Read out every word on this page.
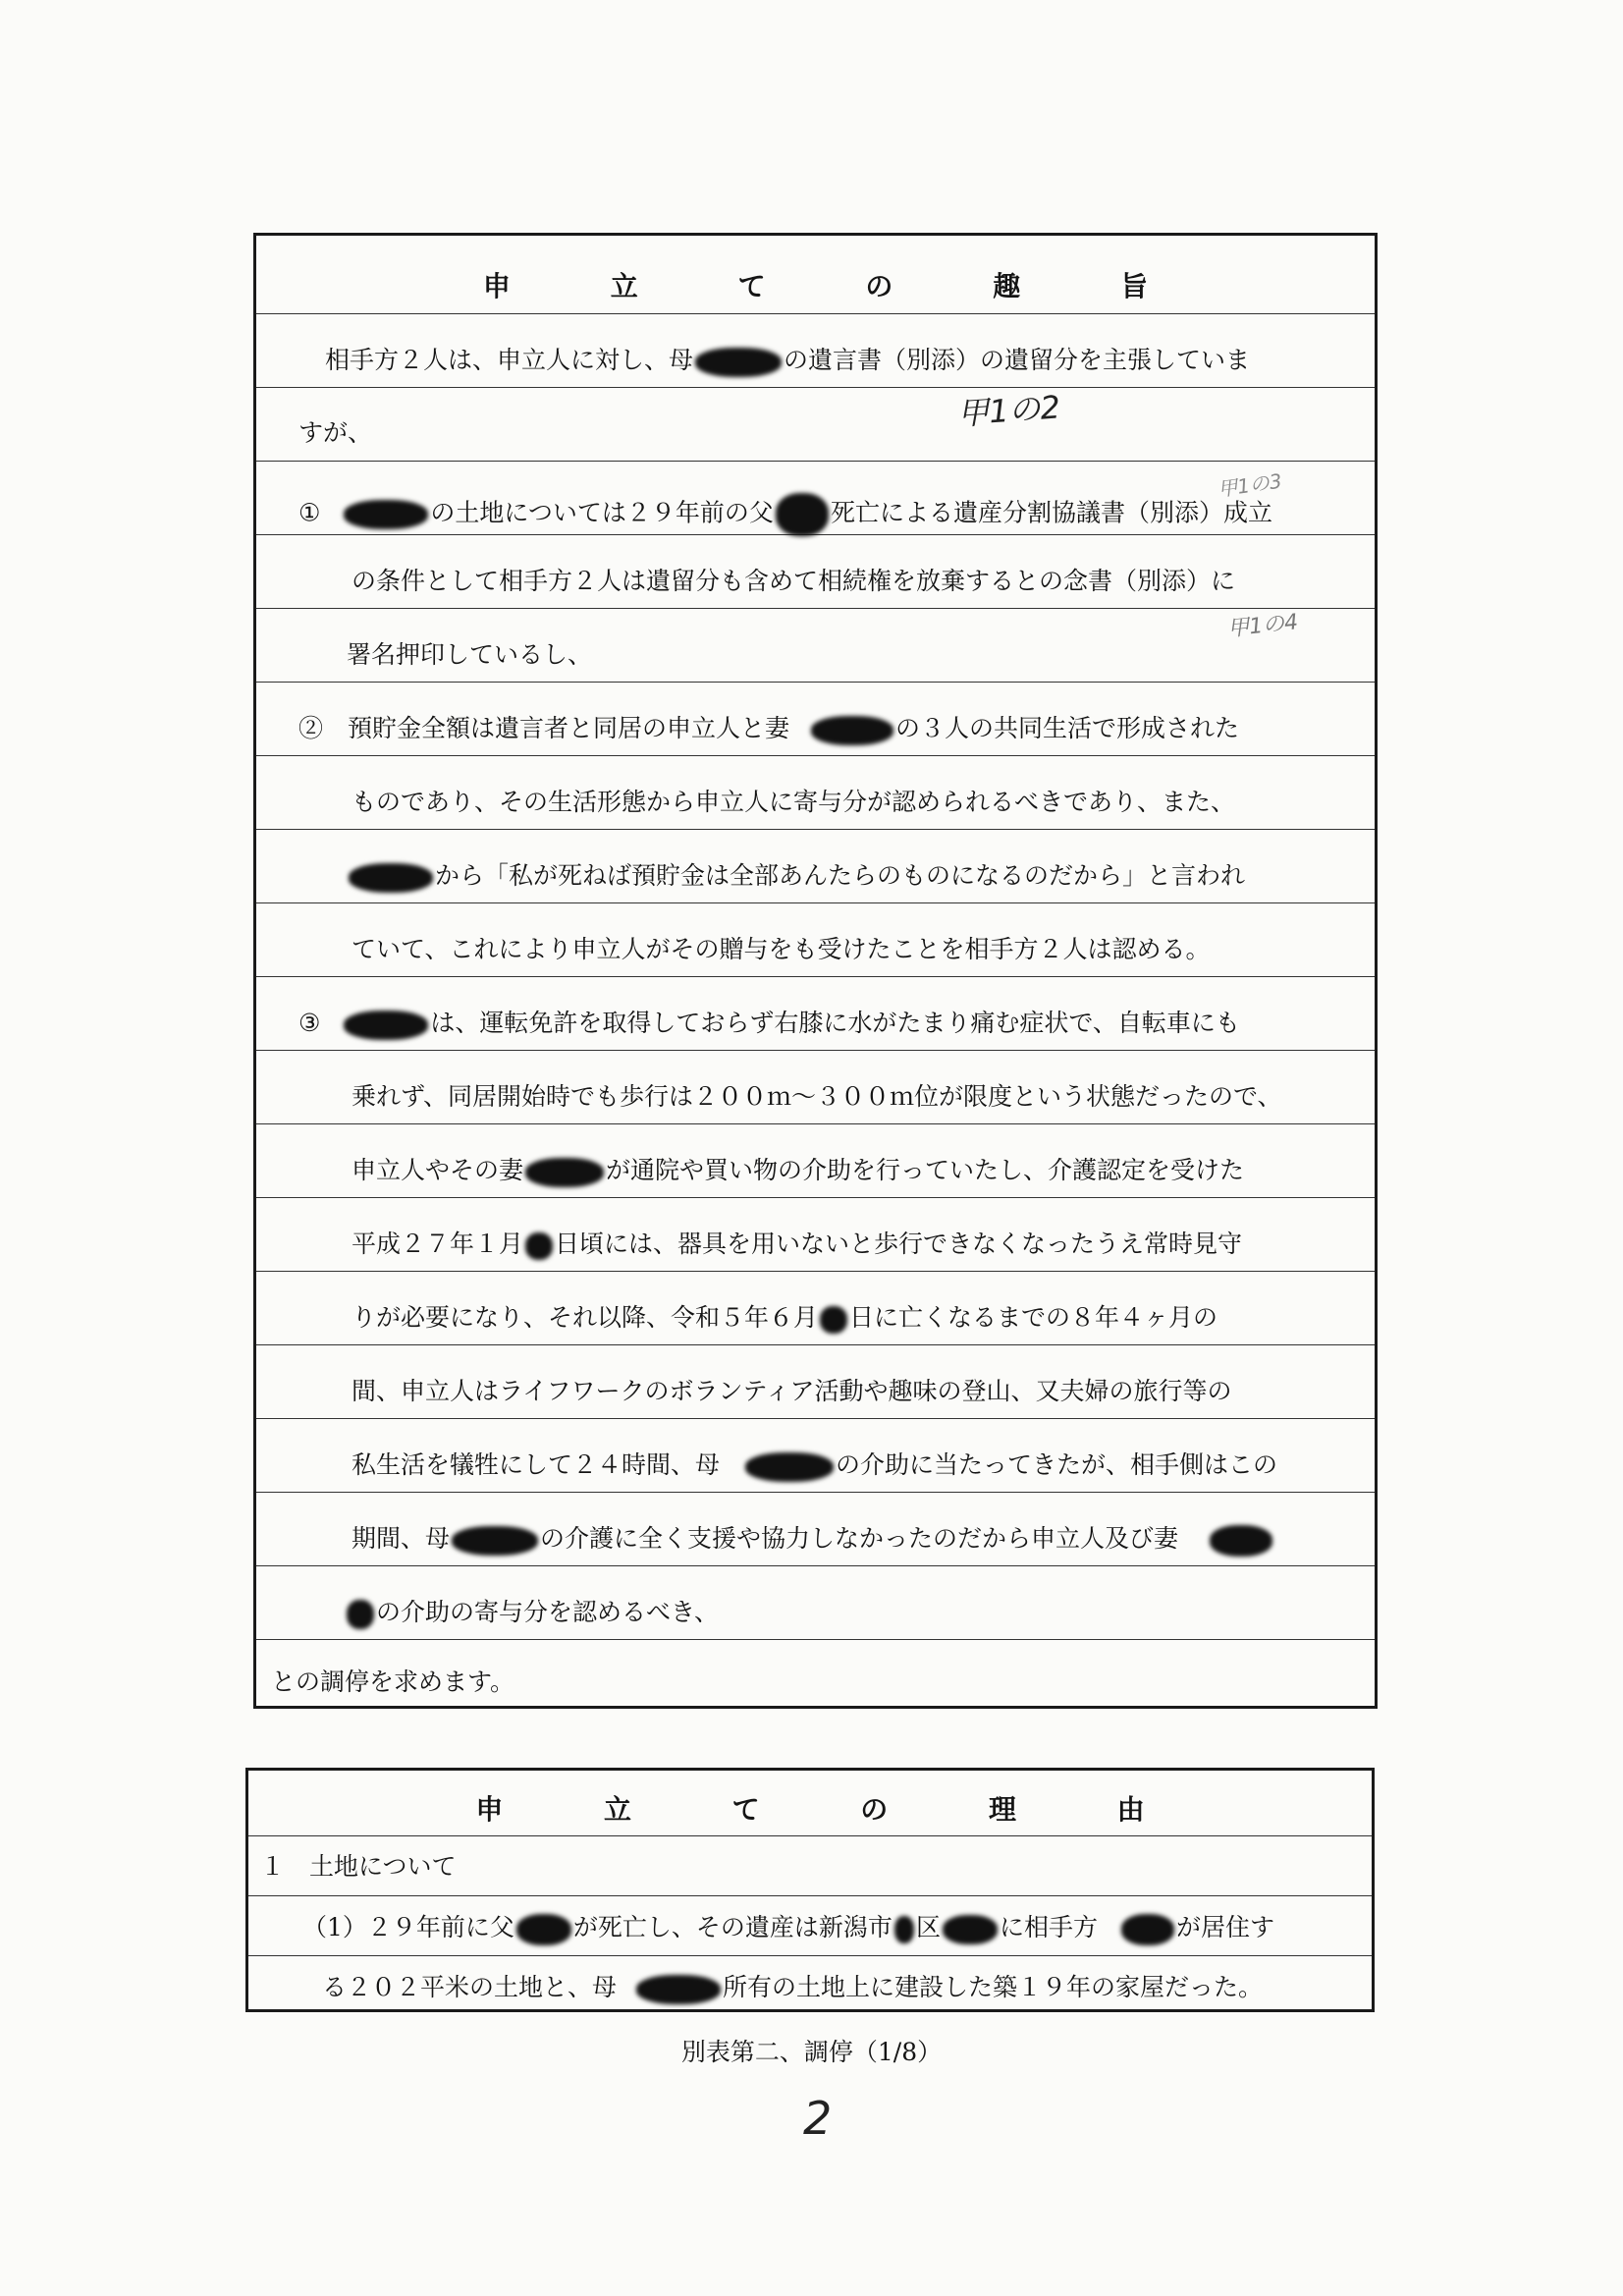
申	立	て	の	趣	旨
相手方２人は、申立人に対し、母	の遺言書（別添）の遺留分を主張していま
すが、
①	の土地については２９年前の父 死亡による遺産分割協議書（別添）成立
の条件として相手方２人は遺留分も含めて相続権を放棄するとの念書（別添）に
署名押印しているし、
②　預貯金全額は遺言者と同居の申立人と妻	の３人の共同生活で形成された
ものであり、その生活形態から申立人に寄与分が認められるべきであり、また、
から「私が死ねば預貯金は全部あんたらのものになるのだから」と言われ
ていて、これにより申立人がその贈与をも受けたことを相手方２人は認める。
③	は、運転免許を取得しておらず右膝に水がたまり痛む症状で、自転車にも
乗れず、同居開始時でも歩行は２００ｍ～３００ｍ位が限度という状態だったので、
申立人やその妻	が通院や買い物の介助を行っていたし、介護認定を受けた
平成２７年１月 日頃には、器具を用いないと歩行できなくなったうえ常時見守
りが必要になり、それ以降、令和５年６月 日に亡くなるまでの８年４ヶ月の
間、申立人はライフワークのボランティア活動や趣味の登山、又夫婦の旅行等の
私生活を犠牲にして２４時間、母	の介助に当たってきたが、相手側はこの
期間、母	の介護に全く支援や協力しなかったのだから申立人及び妻
の介助の寄与分を認めるべき、
との調停を求めます。
申	立	て	の	理	由
１　土地について
（1）２９年前に父 が死亡し、その遺産は新潟市 区 に相手方	が居住す
る２０２平米の土地と、母	所有の土地上に建設した築１９年の家屋だった。
甲1の2
甲1の3
甲1の4
別表第二、調停（1/8）
2
